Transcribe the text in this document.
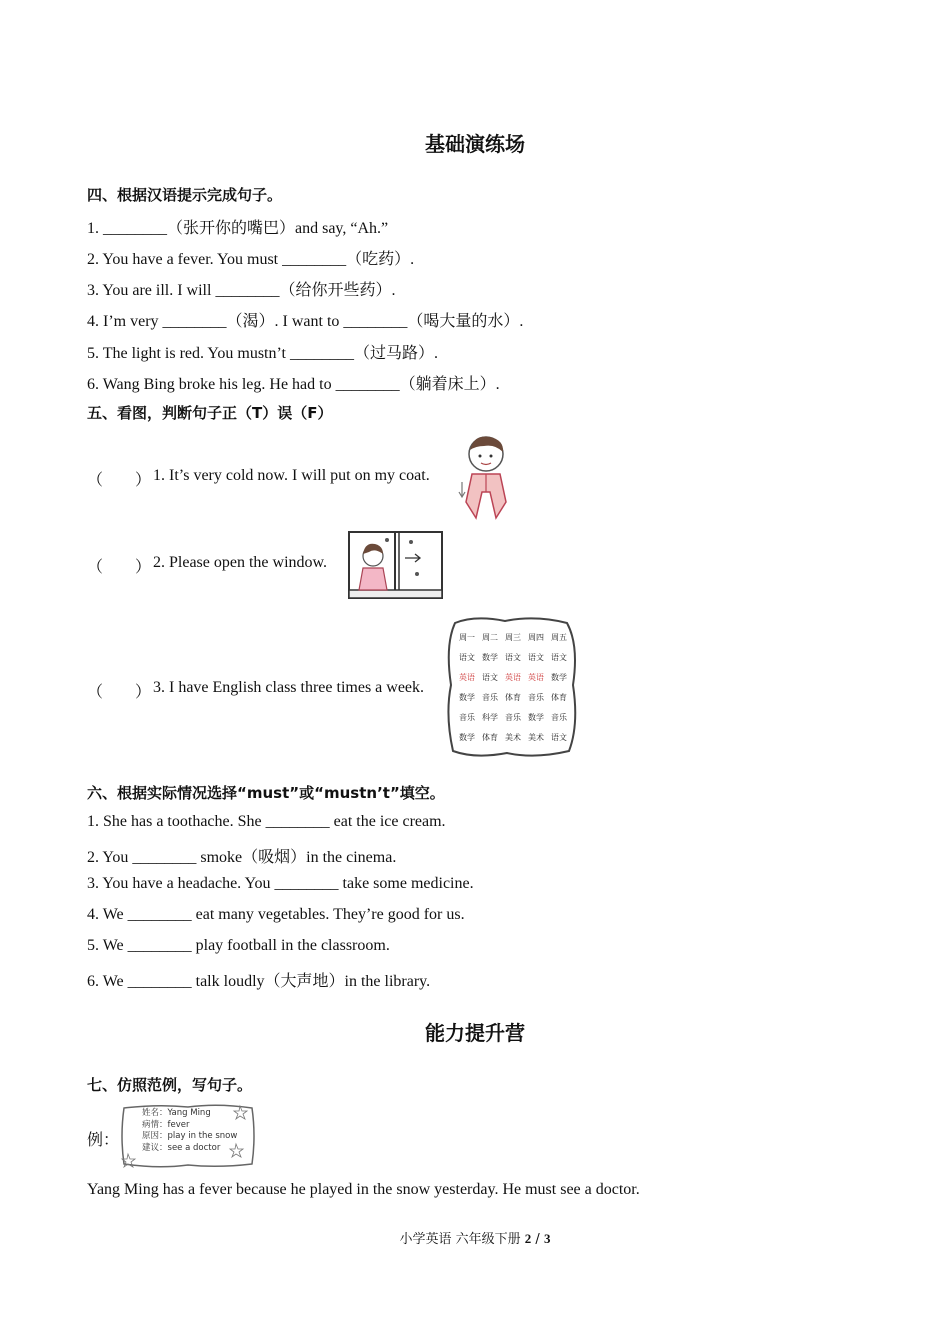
基础演练场
四、根据汉语提示完成句子。
1. ________（张开你的嘴巴）and say, “Ah.”
2. You have a fever. You must ________（吃药）.
3. You are ill. I will ________（给你开些药）.
4. I’m very ________（渴）. I want to ________（喝大量的水）.
5. The light is red. You mustn’t ________（过马路）.
6. Wang Bing broke his leg. He had to ________（躺着床上）.
五、看图，判断句子正（T）误（F）
（　　） 1. It’s very cold now. I will put on my coat.
（　　） 2. Please open the window.
（　　） 3. I have English class three times a week.
周一 周二 周三 周四 周五
语文 数学 语文 语文 语文
英语 语文 英语 英语 数学
数学 音乐 体育 音乐 体育
音乐 科学 音乐 数学 音乐
数学 体育 美术 美术 语文
六、根据实际情况选择“must”或“mustn’t”填空。
1. She has a toothache. She ________ eat the ice cream.
2. You ________ smoke（吸烟）in the cinema.
3. You have a headache. You ________ take some medicine.
4. We ________ eat many vegetables. They’re good for us.
5. We ________ play football in the classroom.
6. We ________ talk loudly（大声地）in the library.
能力提升营
七、仿照范例，写句子。
例：
姓名：Yang Ming
病情：fever
原因：play in the snow
建议：see a doctor
Yang Ming has a fever because he played in the snow yesterday. He must see a doctor.
小学英语 六年级下册 2 / 3
